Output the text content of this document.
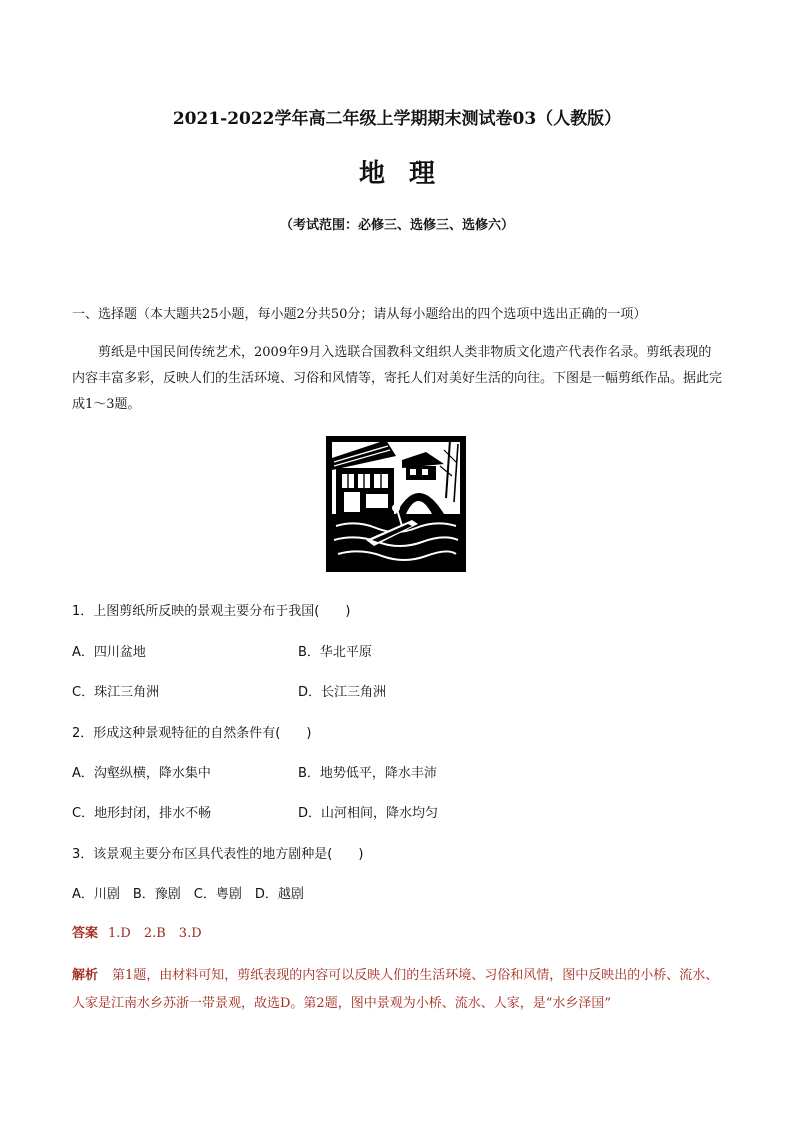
2021-2022学年高二年级上学期期末测试卷03（人教版）
地理
（考试范围：必修三、选修三、选修六）
一、选择题（本大题共25小题，每小题2分共50分；请从每小题给出的四个选项中选出正确的一项）
剪纸是中国民间传统艺术，2009年9月入选联合国教科文组织人类非物质文化遗产代表作名录。剪纸表现的内容丰富多彩，反映人们的生活环境、习俗和风情等，寄托人们对美好生活的向往。下图是一幅剪纸作品。据此完成1～3题。
1．上图剪纸所反映的景观主要分布于我国(　　)
A．四川盆地	B．华北平原
C．珠江三角洲	D．长江三角洲
2．形成这种景观特征的自然条件有(　　)
A．沟壑纵横，降水集中	B．地势低平，降水丰沛
C．地形封闭，排水不畅	D．山河相间，降水均匀
3．该景观主要分布区具代表性的地方剧种是(　　)
A．川剧　B．豫剧　C．粤剧　D．越剧
答案 1.D　2.B　3.D
解析 第1题，由材料可知，剪纸表现的内容可以反映人们的生活环境、习俗和风情，图中反映出的小桥、流水、人家是江南水乡苏浙一带景观，故选D。第2题，图中景观为小桥、流水、人家，是“水乡泽国”
